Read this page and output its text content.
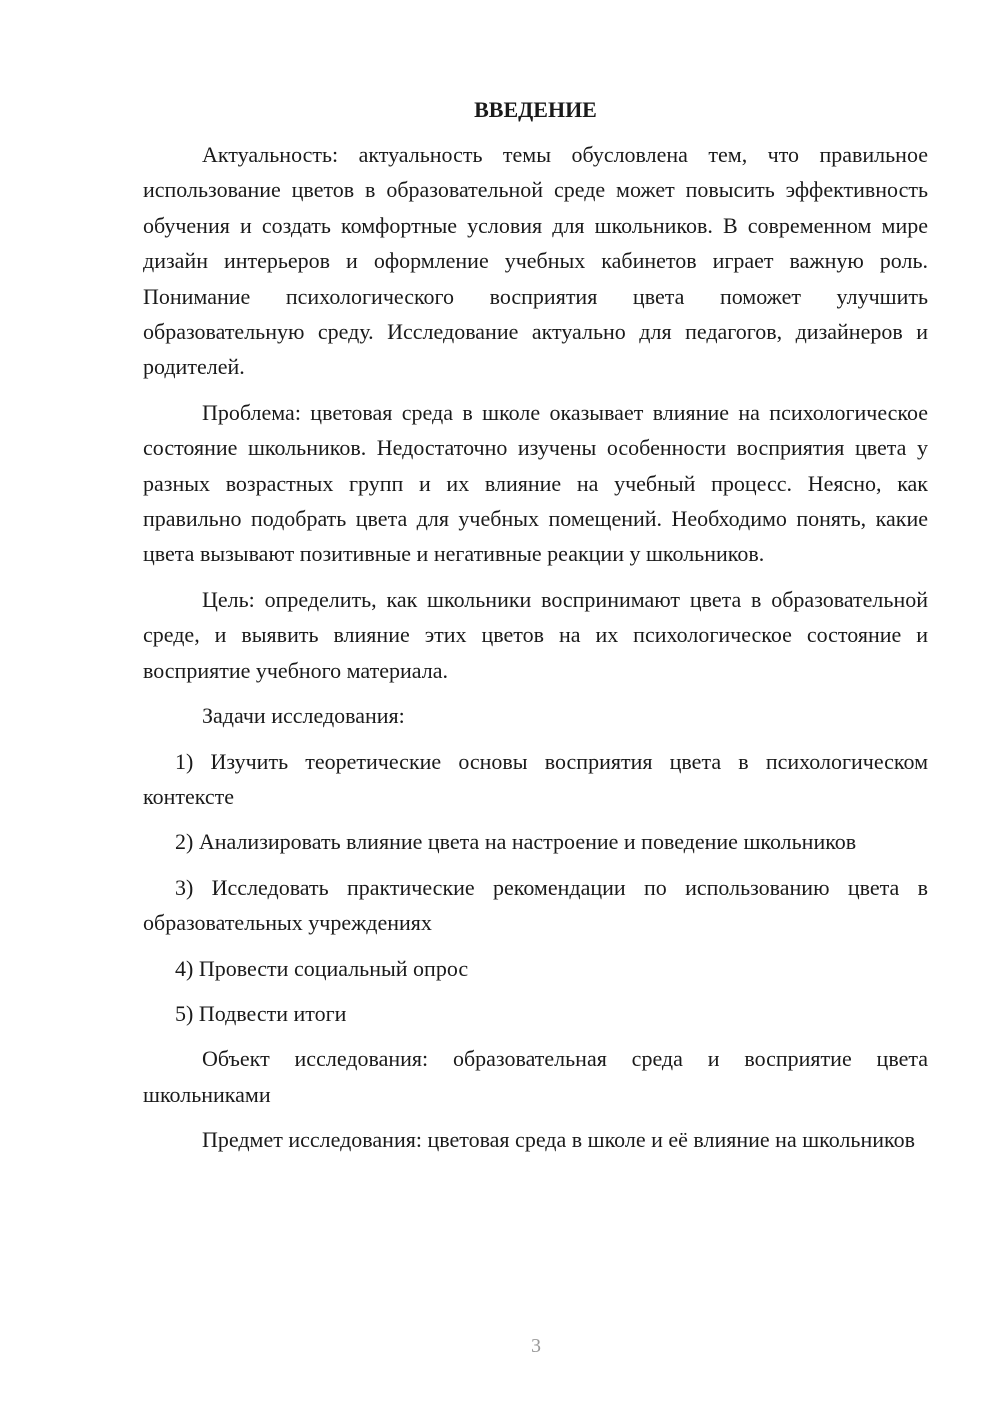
ВВЕДЕНИЕ
Актуальность: актуальность темы обусловлена тем, что правильное использование цветов в образовательной среде может повысить эффективность обучения и создать комфортные условия для школьников. В современном мире дизайн интерьеров и оформление учебных кабинетов играет важную роль. Понимание психологического восприятия цвета поможет улучшить образовательную среду. Исследование актуально для педагогов, дизайнеров и родителей.
Проблема: цветовая среда в школе оказывает влияние на психологическое состояние школьников. Недостаточно изучены особенности восприятия цвета у разных возрастных групп и их влияние на учебный процесс. Неясно, как правильно подобрать цвета для учебных помещений. Необходимо понять, какие цвета вызывают позитивные и негативные реакции у школьников.
Цель: определить, как школьники воспринимают цвета в образовательной среде, и выявить влияние этих цветов на их психологическое состояние и восприятие учебного материала.
Задачи исследования:
1) Изучить теоретические основы восприятия цвета в психологическом контексте
2) Анализировать влияние цвета на настроение и поведение школьников
3) Исследовать практические рекомендации по использованию цвета в образовательных учреждениях
4) Провести социальный опрос
5) Подвести итоги
Объект исследования: образовательная среда и восприятие цвета школьниками
Предмет исследования: цветовая среда в школе и её влияние на школьников
3
